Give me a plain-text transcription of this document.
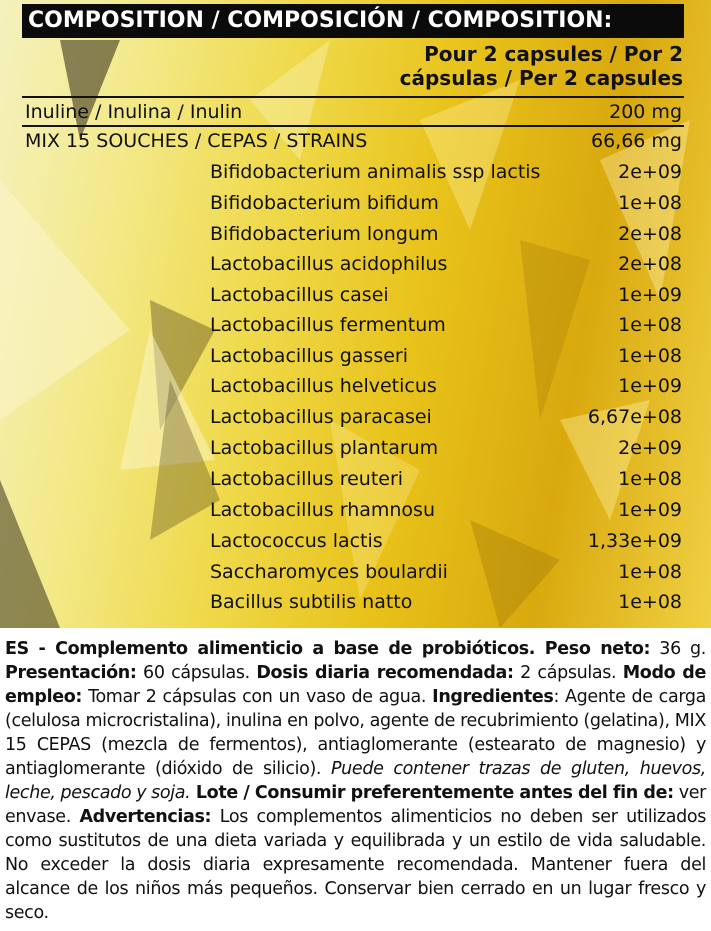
COMPOSITION / COMPOSICIÓN / COMPOSITION:
Pour 2 capsules / Por 2
cápsulas / Per 2 capsules
Inuline / Inulina / Inulin	200 mg
MIX 15 SOUCHES / CEPAS / STRAINS	66,66 mg
Bifidobacterium animalis ssp lactis	2e+09
Bifidobacterium bifidum	1e+08
Bifidobacterium longum	2e+08
Lactobacillus acidophilus	2e+08
Lactobacillus casei	1e+09
Lactobacillus fermentum	1e+08
Lactobacillus gasseri	1e+08
Lactobacillus helveticus	1e+09
Lactobacillus paracasei	6,67e+08
Lactobacillus plantarum	2e+09
Lactobacillus reuteri	1e+08
Lactobacillus rhamnosu	1e+09
Lactococcus lactis	1,33e+09
Saccharomyces boulardii	1e+08
Bacillus subtilis natto	1e+08

ES - Complemento alimenticio a base de probióticos. Peso neto: 36 g. Presentación: 60 cápsulas. Dosis diaria recomendada: 2 cápsulas. Modo de empleo: Tomar 2 cápsulas con un vaso de agua. Ingredientes: Agente de carga (celulosa microcristalina), inulina en polvo, agente de recubrimiento (gelatina), MIX 15 CEPAS (mezcla de fermentos), antiaglomerante (estearato de magnesio) y antiaglomerante (dióxido de silicio). Puede contener trazas de gluten, huevos, leche, pescado y soja. Lote / Consumir preferentemente antes del fin de: ver envase. Advertencias: Los complementos alimenticios no deben ser utilizados como sustitutos de una dieta variada y equilibrada y un estilo de vida saludable. No exceder la dosis diaria expresamente recomendada. Mantener fuera del alcance de los niños más pequeños. Conservar bien cerrado en un lugar fresco y seco.
